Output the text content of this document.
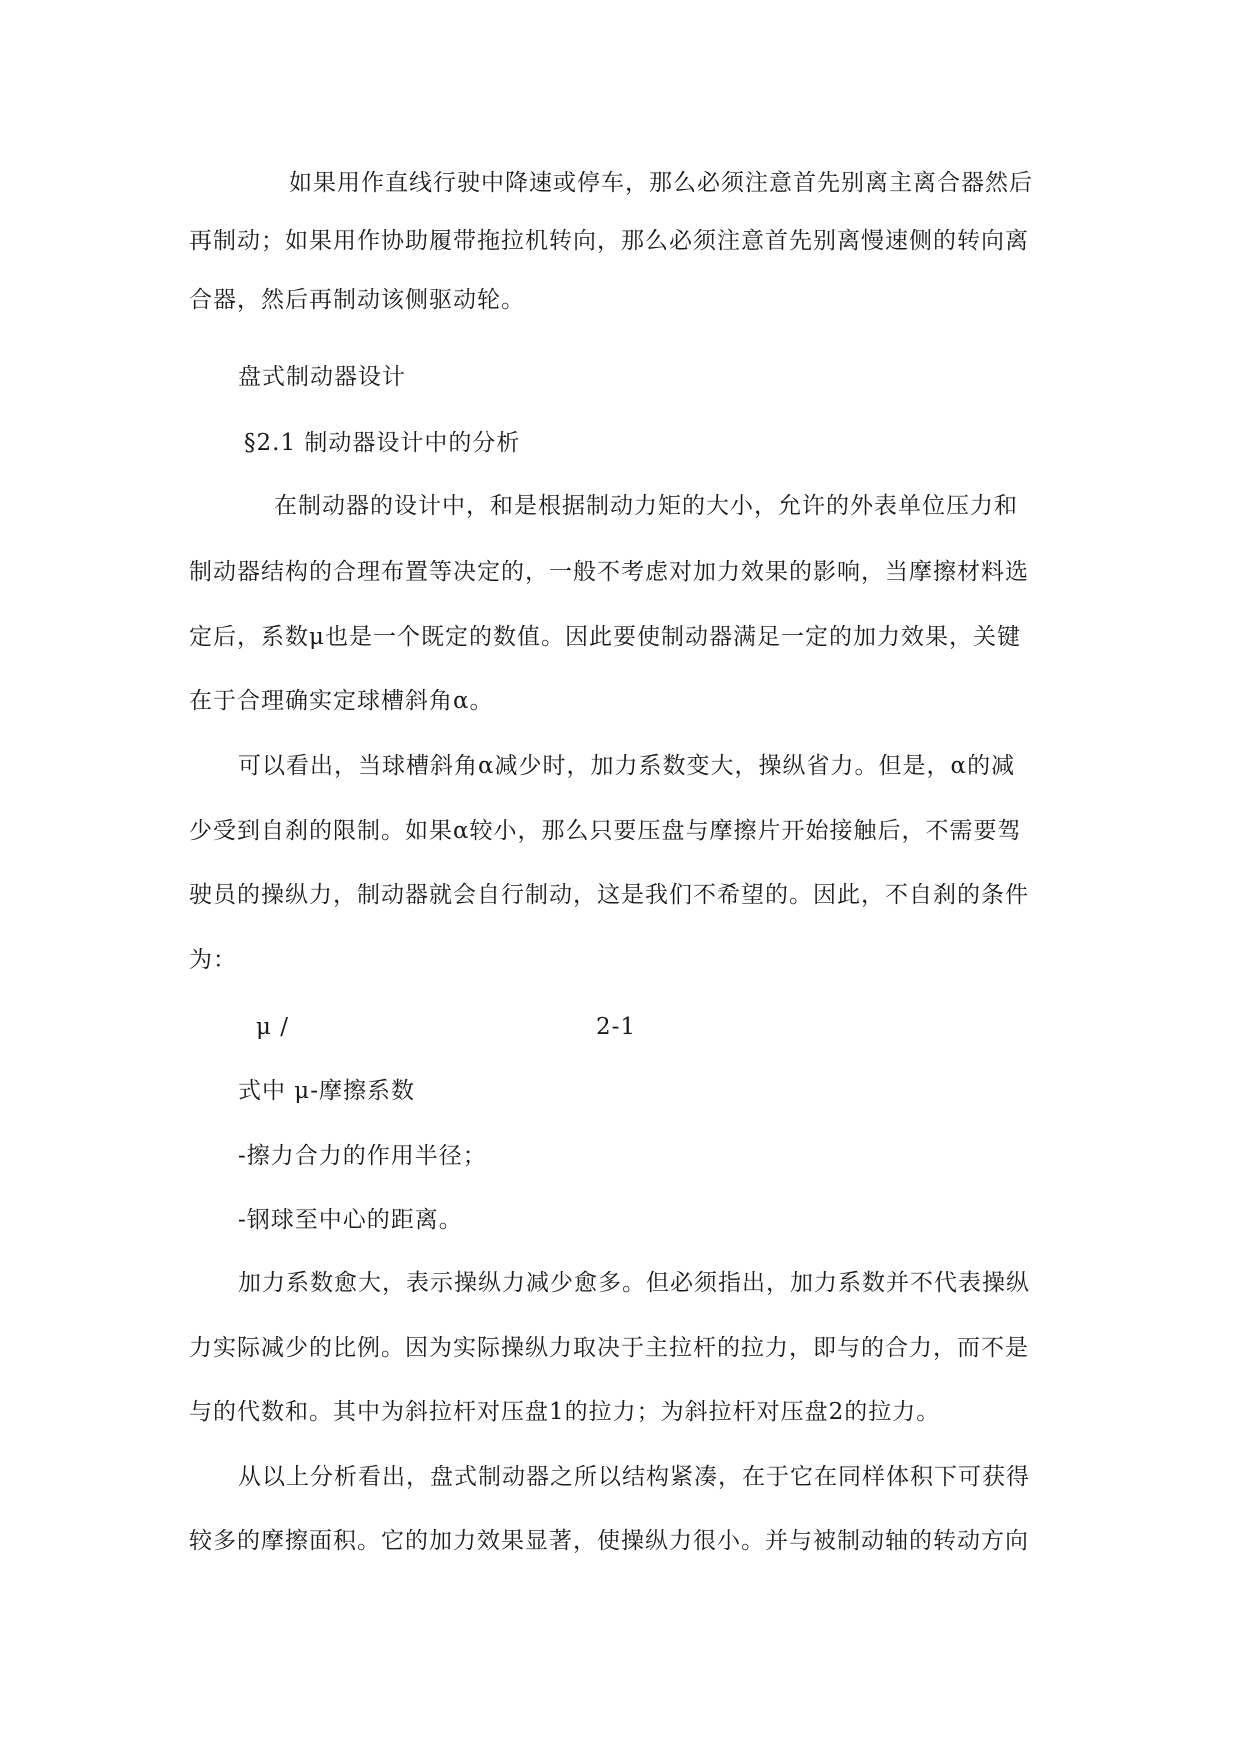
如果用作直线行驶中降速或停车，那么必须注意首先别离主离合器然后
再制动；如果用作协助履带拖拉机转向，那么必须注意首先别离慢速侧的转向离
合器，然后再制动该侧驱动轮。
盘式制动器设计
§2.1 制动器设计中的分析
在制动器的设计中，和是根据制动力矩的大小，允许的外表单位压力和
制动器结构的合理布置等决定的，一般不考虑对加力效果的影响，当摩擦材料选
定后，系数μ也是一个既定的数值。因此要使制动器满足一定的加力效果，关键
在于合理确实定球槽斜角α。
可以看出，当球槽斜角α减少时，加力系数变大，操纵省力。但是，α的减
少受到自刹的限制。如果α较小，那么只要压盘与摩擦片开始接触后，不需要驾
驶员的操纵力，制动器就会自行制动，这是我们不希望的。因此，不自刹的条件
为：
μ /	2-1
式中 μ-摩擦系数
-擦力合力的作用半径；
-钢球至中心的距离。
加力系数愈大，表示操纵力减少愈多。但必须指出，加力系数并不代表操纵
力实际减少的比例。因为实际操纵力取决于主拉杆的拉力，即与的合力，而不是
与的代数和。其中为斜拉杆对压盘1的拉力；为斜拉杆对压盘2的拉力。
从以上分析看出，盘式制动器之所以结构紧凑，在于它在同样体积下可获得
较多的摩擦面积。它的加力效果显著，使操纵力很小。并与被制动轴的转动方向
